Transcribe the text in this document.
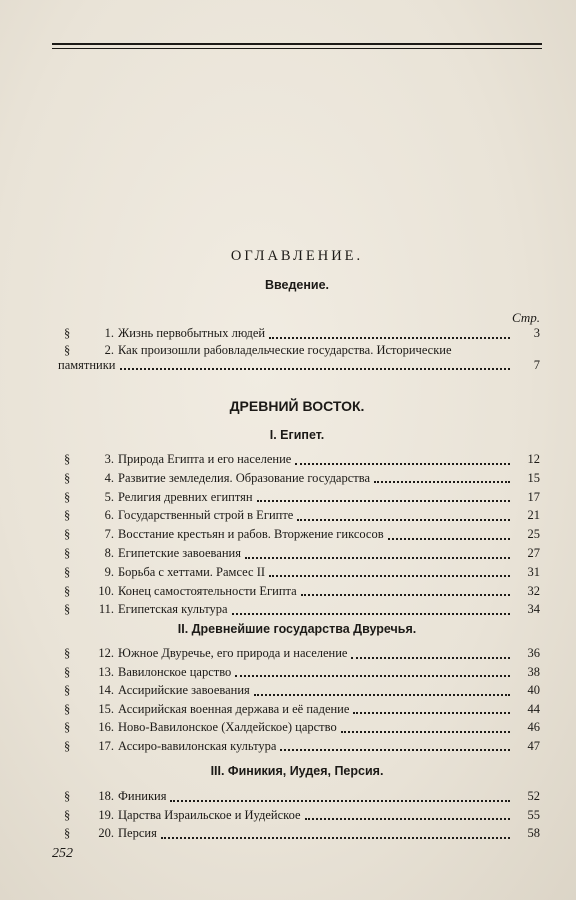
ОГЛАВЛЕНИЕ.
Введение.
Стр.
§	1. Жизнь первобытных людей	3
§	2. Как произошли рабовладельческие государства. Исторические
памятники	7
ДРЕВНИЙ ВОСТОК.
I. Египет.
§	3. Природа Египта и его население	12
§	4. Развитие земледелия. Образование государства	15
§	5. Религия древних египтян	17
§	6. Государственный строй в Египте	21
§	7. Восстание крестьян и рабов. Вторжение гиксосов	25
§	8. Египетские завоевания	27
§	9. Борьба с хеттами. Рамсес II	31
§	10. Конец самостоятельности Египта	32
§	11. Египетская культура	34
II. Древнейшие государства Двуречья.
§	12. Южное Двуречье, его природа и население	36
§	13. Вавилонское царство	38
§	14. Ассирийские завоевания	40
§	15. Ассирийская военная держава и её падение	44
§	16. Ново-Вавилонское (Халдейское) царство	46
§	17. Ассиро-вавилонская культура	47
III. Финикия, Иудея, Персия.
§	18. Финикия	52
§	19. Царства Израильское и Иудейское	55
§	20. Персия	58
252
